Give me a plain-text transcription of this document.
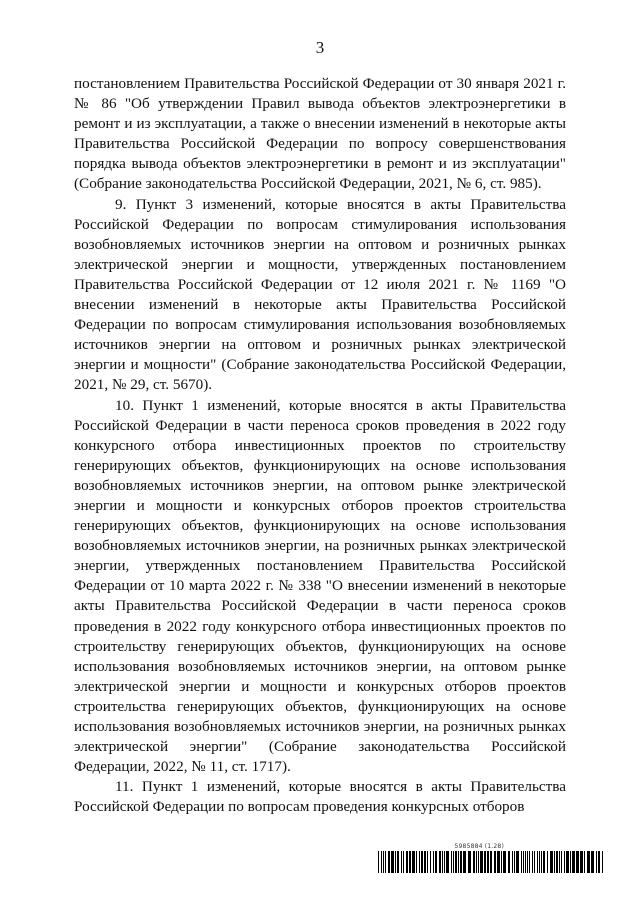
3

постановлением Правительства Российской Федерации от 30 января 2021 г. № 86 "Об утверждении Правил вывода объектов электроэнергетики в ремонт и из эксплуатации, а также о внесении изменений в некоторые акты Правительства Российской Федерации по вопросу совершенствования порядка вывода объектов электроэнергетики в ремонт и из эксплуатации" (Собрание законодательства Российской Федерации, 2021, № 6, ст. 985).

9. Пункт 3 изменений, которые вносятся в акты Правительства Российской Федерации по вопросам стимулирования использования возобновляемых источников энергии на оптовом и розничных рынках электрической энергии и мощности, утвержденных постановлением Правительства Российской Федерации от 12 июля 2021 г. № 1169 "О внесении изменений в некоторые акты Правительства Российской Федерации по вопросам стимулирования использования возобновляемых источников энергии на оптовом и розничных рынках электрической энергии и мощности" (Собрание законодательства Российской Федерации, 2021, № 29, ст. 5670).

10. Пункт 1 изменений, которые вносятся в акты Правительства Российской Федерации в части переноса сроков проведения в 2022 году конкурсного отбора инвестиционных проектов по строительству генерирующих объектов, функционирующих на основе использования возобновляемых источников энергии, на оптовом рынке электрической энергии и мощности и конкурсных отборов проектов строительства генерирующих объектов, функционирующих на основе использования возобновляемых источников энергии, на розничных рынках электрической энергии, утвержденных постановлением Правительства Российской Федерации от 10 марта 2022 г. № 338 "О внесении изменений в некоторые акты Правительства Российской Федерации в части переноса сроков проведения в 2022 году конкурсного отбора инвестиционных проектов по строительству генерирующих объектов, функционирующих на основе использования возобновляемых источников энергии, на оптовом рынке электрической энергии и мощности и конкурсных отборов проектов строительства генерирующих объектов, функционирующих на основе использования возобновляемых источников энергии, на розничных рынках электрической энергии" (Собрание законодательства Российской Федерации, 2022, № 11, ст. 1717).

11. Пункт 1 изменений, которые вносятся в акты Правительства Российской Федерации по вопросам проведения конкурсных отборов

5985884 (1.28)
